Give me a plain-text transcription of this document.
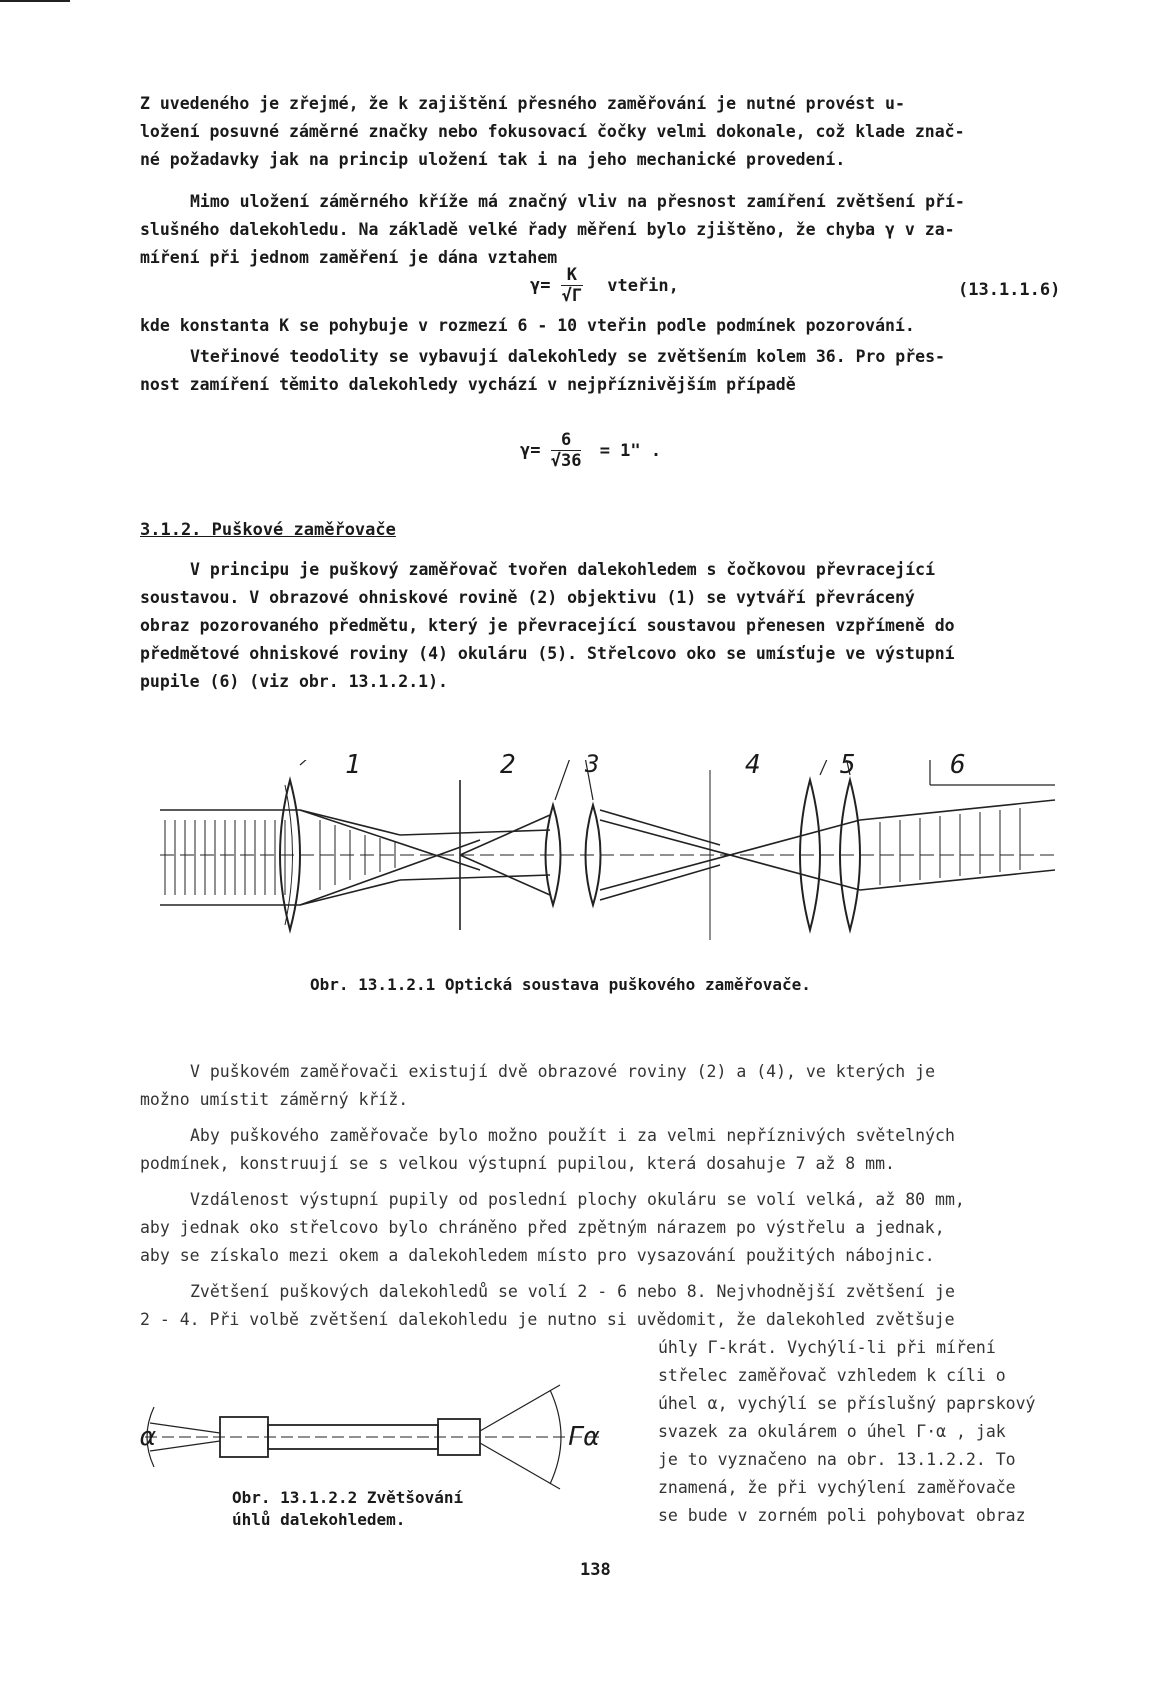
Z uvedeného je zřejmé, že k zajištění přesného zaměřování je nutné provést u-
ložení posuvné záměrné značky nebo fokusovací čočky velmi dokonale, což klade znač-
né požadavky jak na princip uložení tak i na jeho mechanické provedení.
Mimo uložení záměrného kříže má značný vliv na přesnost zamíření zvětšení pří-
slušného dalekohledu. Na základě velké řady měření bylo zjištěno, že chyba γ v za-
míření při jednom zaměření je dána vztahem
$\gamma= \frac{K}{√\Gamma}$ vteřin,	(13.1.1.6)
kde konstanta K se pohybuje v rozmezí 6 - 10 vteřin podle podmínek pozorování.
Vteřinové teodolity se vybavují dalekohledy se zvětšením kolem 36. Pro přes-
nost zamíření těmito dalekohledy vychází v nejpříznivějším případě
$\gamma= \frac{6}{√36} = 1$" .
3.1.2. Puškové zaměřovače
V principu je puškový zaměřovač tvořen dalekohledem s čočkovou převracející
soustavou. V obrazové ohniskové rovině (2) objektivu (1) se vytváří převrácený
obraz pozorovaného předmětu, který je převracející soustavou přenesen vzpřímeně do
předmětové ohniskové roviny (4) okuláru (5). Střelcovo oko se umísťuje ve výstupní
pupile (6) (viz obr. 13.1.2.1).
1	2	3	4	5	6
Obr. 13.1.2.1 Optická soustava puškového zaměřovače.
V puškovém zaměřovači existují dvě obrazové roviny (2) a (4), ve kterých je
možno umístit záměrný kříž.
Aby puškového zaměřovače bylo možno použít i za velmi nepříznivých světelných
podmínek, konstruují se s velkou výstupní pupilou, která dosahuje 7 až 8 mm.
Vzdálenost výstupní pupily od poslední plochy okuláru se volí velká, až 80 mm,
aby jednak oko střelcovo bylo chráněno před zpětným nárazem po výstřelu a jednak,
aby se získalo mezi okem a dalekohledem místo pro vysazování použitých nábojnic.
Zvětšení puškových dalekohledů se volí 2 - 6 nebo 8. Nejvhodnější zvětšení je
2 - 4. Při volbě zvětšení dalekohledu je nutno si uvědomit, že dalekohled zvětšuje
úhly Γ-krát. Vychýlí-li při míření
střelec zaměřovač vzhledem k cíli o
úhel α, vychýlí se příslušný paprskový
svazek za okulárem o úhel Γ·α , jak
je to vyznačeno na obr. 13.1.2.2. To
znamená, že při vychýlení zaměřovače
se bude v zorném poli pohybovat obraz
α	Γα
Obr. 13.1.2.2 Zvětšování
úhlů dalekohledem.
138
